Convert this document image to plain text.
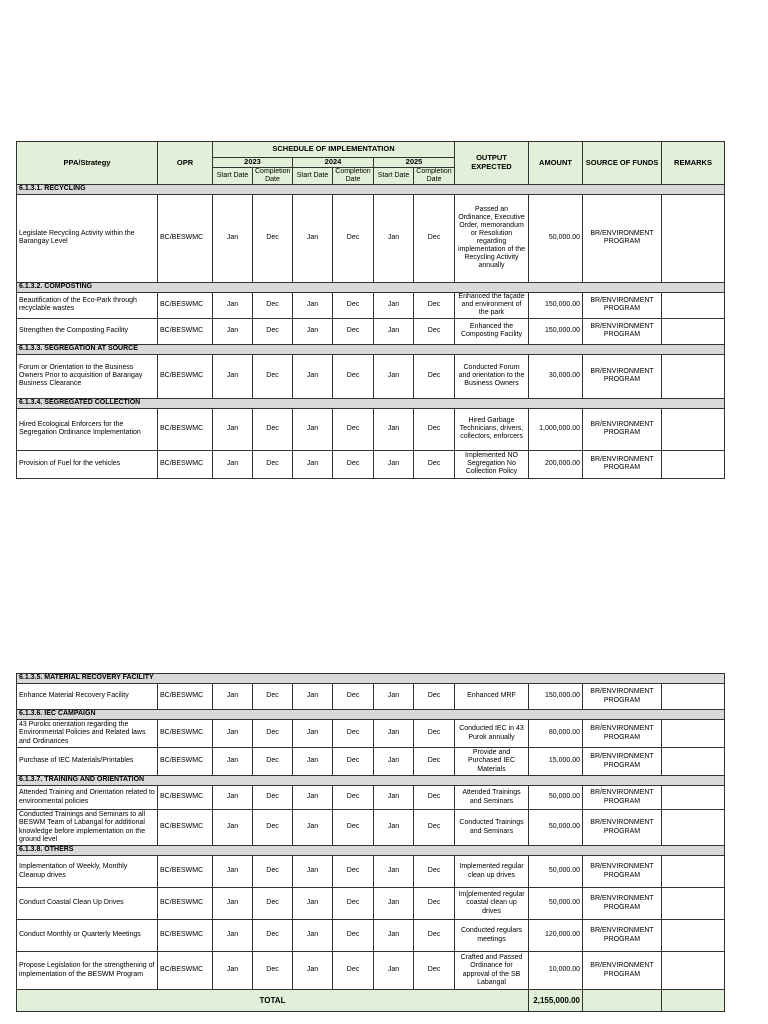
PPA/Strategy	OPR	SCHEDULE OF IMPLEMENTATION						OUTPUT EXPECTED	AMOUNT	SOURCE OF FUNDS	REMARKS
		2023		2024		2025					
		Start Date	Completion Date	Start Date	Completion Date	Start Date	Completion Date				
6.1.3.1. RECYCLING											
Legislate Recycling Activity within the Barangay Level	BC/BESWMC	Jan	Dec	Jan	Dec	Jan	Dec	Passed an Ordinance, Executive Order, memorandum or Resolution regarding implementation of the Recycling Activity annually	50,000.00	BR/ENVIRONMENT PROGRAM	
6.1.3.2. COMPOSTING											
Beautification of the Eco-Park through recyclable wastes	BC/BESWMC	Jan	Dec	Jan	Dec	Jan	Dec	Enhanced the façade and environment of the park	150,000.00	BR/ENVIRONMENT PROGRAM	
Strengthen the Composting Facility	BC/BESWMC	Jan	Dec	Jan	Dec	Jan	Dec	Enhanced the Composting Facility	150,000.00	BR/ENVIRONMENT PROGRAM	
6.1.3.3. SEGREGATION AT SOURCE											
Forum or Orientation to the Business Owners Prior to acquisition of Barangay Business Clearance	BC/BESWMC	Jan	Dec	Jan	Dec	Jan	Dec	Conducted Forum and orientation to the Business Owners	30,000.00	BR/ENVIRONMENT PROGRAM	
6.1.3.4. SEGREGATED COLLECTION											
Hired Ecological Enforcers for the Segregation Ordinance Implementation	BC/BESWMC	Jan	Dec	Jan	Dec	Jan	Dec	Hired Garbage Technicians, drivers, collectors, enforcers	1,000,000.00	BR/ENVIRONMENT PROGRAM	
Provision of Fuel for the vehicles	BC/BESWMC	Jan	Dec	Jan	Dec	Jan	Dec	Implemented NO Segregation No Collection Policy	200,000.00	BR/ENVIRONMENT PROGRAM	
6.1.3.5. MATERIAL RECOVERY FACILITY											
Enhance Material Recovery Facility	BC/BESWMC	Jan	Dec	Jan	Dec	Jan	Dec	Enhanced MRF	150,000.00	BR/ENVIRONMENT PROGRAM	
6.1.3.6. IEC CAMPAIGN											
43 Puroks orientation regarding the Environmental Policies and Related laws and Ordinances	BC/BESWMC	Jan	Dec	Jan	Dec	Jan	Dec	Conducted IEC in 43 Purok annually	80,000.00	BR/ENVIRONMENT PROGRAM	
Purchase of IEC Materials/Printables	BC/BESWMC	Jan	Dec	Jan	Dec	Jan	Dec	Provide and Purchased IEC Materials	15,000.00	BR/ENVIRONMENT PROGRAM	
6.1.3.7. TRAINING AND ORIENTATION											
Attended Training and Orientation related to environmental policies	BC/BESWMC	Jan	Dec	Jan	Dec	Jan	Dec	Attended Trainings and Seminars	50,000.00	BR/ENVIRONMENT PROGRAM	
Conducted Trainings and Seminars to all BESWM Team of Labangal for additional knowledge before implementation on the ground level	BC/BESWMC	Jan	Dec	Jan	Dec	Jan	Dec	Conducted Trainings and Seminars	50,000.00	BR/ENVIRONMENT PROGRAM	
6.1.3.8. OTHERS											
Implementation of Weekly, Monthly Cleanup drives	BC/BESWMC	Jan	Dec	Jan	Dec	Jan	Dec	Implemented regular clean up drives	50,000.00	BR/ENVIRONMENT PROGRAM	
Conduct Coastal Clean Up Drives	BC/BESWMC	Jan	Dec	Jan	Dec	Jan	Dec	Im[plemented regular coastal clean up drives	50,000.00	BR/ENVIRONMENT PROGRAM	
Conduct Monthly or Quarterly Meetings	BC/BESWMC	Jan	Dec	Jan	Dec	Jan	Dec	Conducted regulars meetings	120,000.00	BR/ENVIRONMENT PROGRAM	
Propose Legislation for the strengthening of implementation of the BESWM Program	BC/BESWMC	Jan	Dec	Jan	Dec	Jan	Dec	Crafted and Passed Ordinance for approval of the SB Labangal	10,000.00	BR/ENVIRONMENT PROGRAM	
TOTAL									2,155,000.00		
